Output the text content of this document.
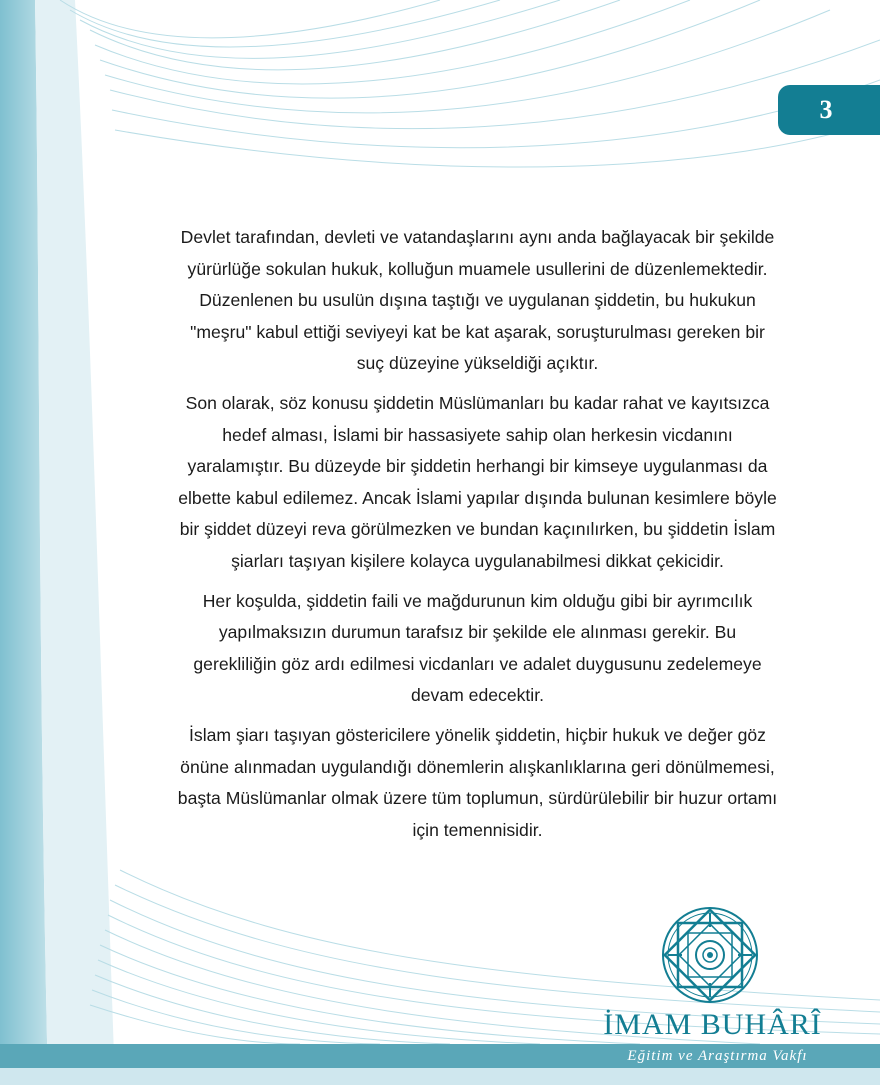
3

Devlet tarafından, devleti ve vatandaşlarını aynı anda bağlayacak bir şekilde yürürlüğe sokulan hukuk, kolluğun muamele usullerini de düzenlemektedir. Düzenlenen bu usulün dışına taştığı ve uygulanan şiddetin, bu hukukun "meşru" kabul ettiği seviyeyi kat be kat aşarak, soruşturulması gereken bir suç düzeyine yükseldiği açıktır.

Son olarak, söz konusu şiddetin Müslümanları bu kadar rahat ve kayıtsızca hedef alması, İslami bir hassasiyete sahip olan herkesin vicdanını yaralamıştır. Bu düzeyde bir şiddetin herhangi bir kimseye uygulanması da elbette kabul edilemez. Ancak İslami yapılar dışında bulunan kesimlere böyle bir şiddet düzeyi reva görülmezken ve bundan kaçınılırken, bu şiddetin İslam şiarları taşıyan kişilere kolayca uygulanabilmesi dikkat çekicidir.

Her koşulda, şiddetin faili ve mağdurunun kim olduğu gibi bir ayrımcılık yapılmaksızın durumun tarafsız bir şekilde ele alınması gerekir. Bu gerekliliğin göz ardı edilmesi vicdanları ve adalet duygusunu zedelemeye devam edecektir.

İslam şiarı taşıyan göstericilere yönelik şiddetin, hiçbir hukuk ve değer göz önüne alınmadan uygulandığı dönemlerin alışkanlıklarına geri dönülmemesi, başta Müslümanlar olmak üzere tüm toplumun, sürdürülebilir bir huzur ortamı için temennisidir.

İMAM BUHÂRÎ
Eğitim ve Araştırma Vakfı
